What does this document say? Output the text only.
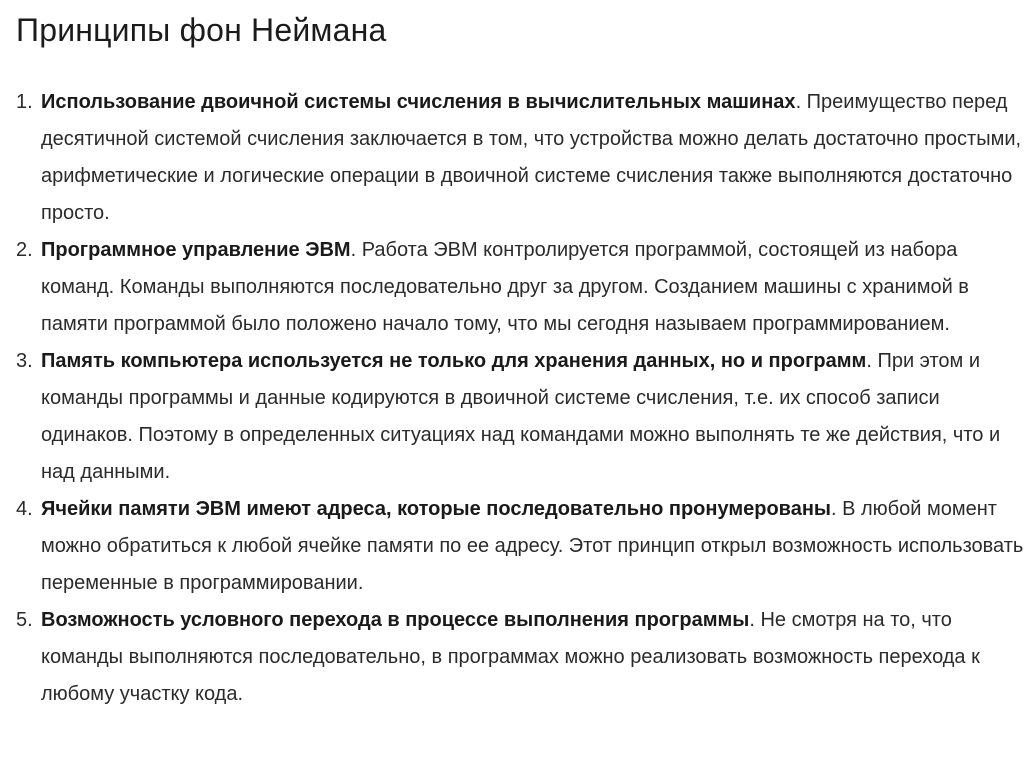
Принципы фон Неймана
1. Использование двоичной системы счисления в вычислительных машинах. Преимущество перед десятичной системой счисления заключается в том, что устройства можно делать достаточно простыми, арифметические и логические операции в двоичной системе счисления также выполняются достаточно просто.
2. Программное управление ЭВМ. Работа ЭВМ контролируется программой, состоящей из набора команд. Команды выполняются последовательно друг за другом. Созданием машины с хранимой в памяти программой было положено начало тому, что мы сегодня называем программированием.
3. Память компьютера используется не только для хранения данных, но и программ. При этом и команды программы и данные кодируются в двоичной системе счисления, т.е. их способ записи одинаков. Поэтому в определенных ситуациях над командами можно выполнять те же действия, что и над данными.
4. Ячейки памяти ЭВМ имеют адреса, которые последовательно пронумерованы. В любой момент можно обратиться к любой ячейке памяти по ее адресу. Этот принцип открыл возможность использовать переменные в программировании.
5. Возможность условного перехода в процессе выполнения программы. Не смотря на то, что команды выполняются последовательно, в программах можно реализовать возможность перехода к любому участку кода.
